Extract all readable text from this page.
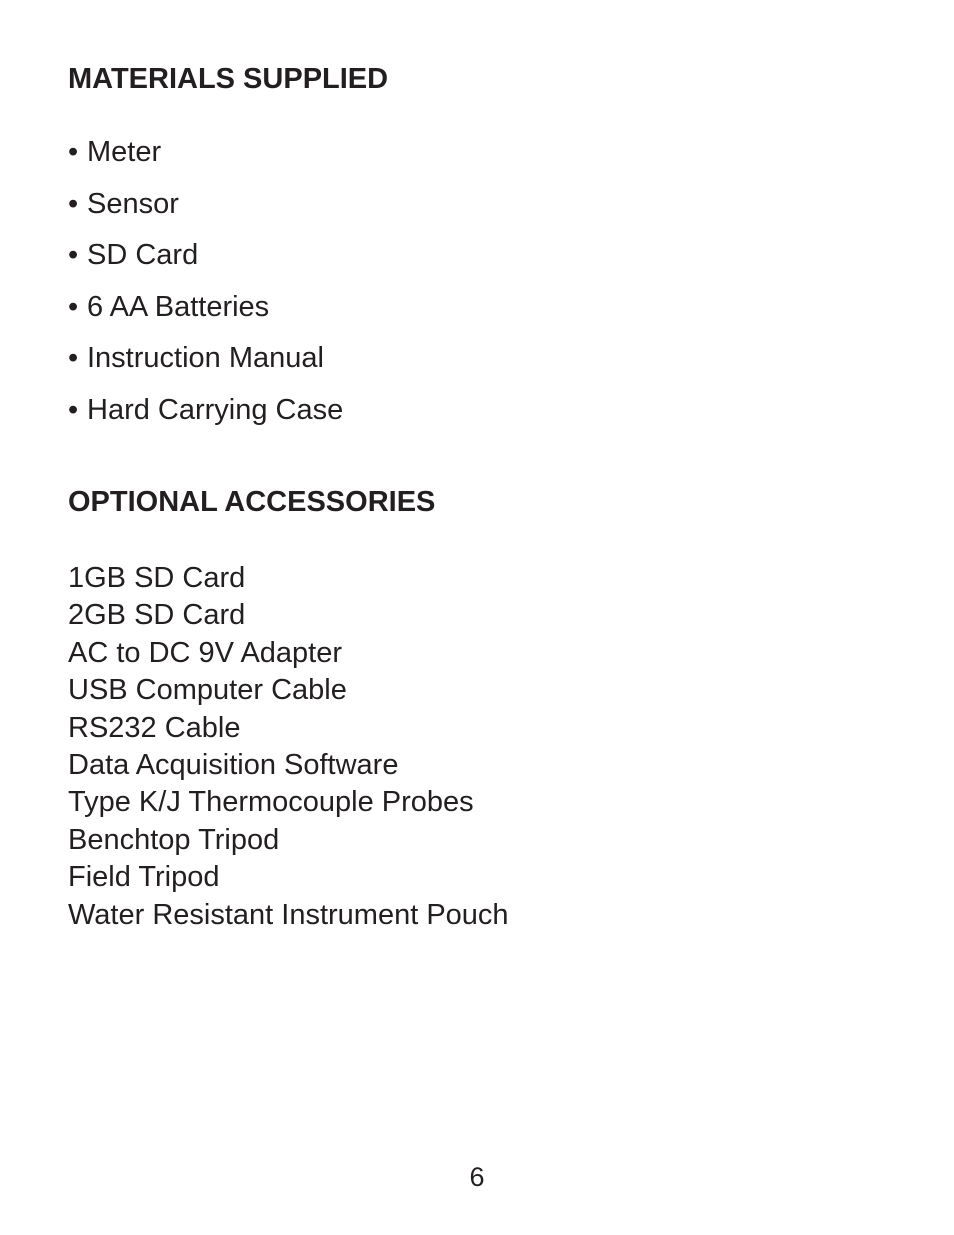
MATERIALS SUPPLIED
• Meter
• Sensor
• SD Card
• 6 AA Batteries
• Instruction Manual
• Hard Carrying Case
OPTIONAL ACCESSORIES
1GB SD Card
2GB SD Card
AC to DC 9V Adapter
USB Computer Cable
RS232 Cable
Data Acquisition Software
Type K/J Thermocouple Probes
Benchtop Tripod
Field Tripod
Water Resistant Instrument Pouch
6
